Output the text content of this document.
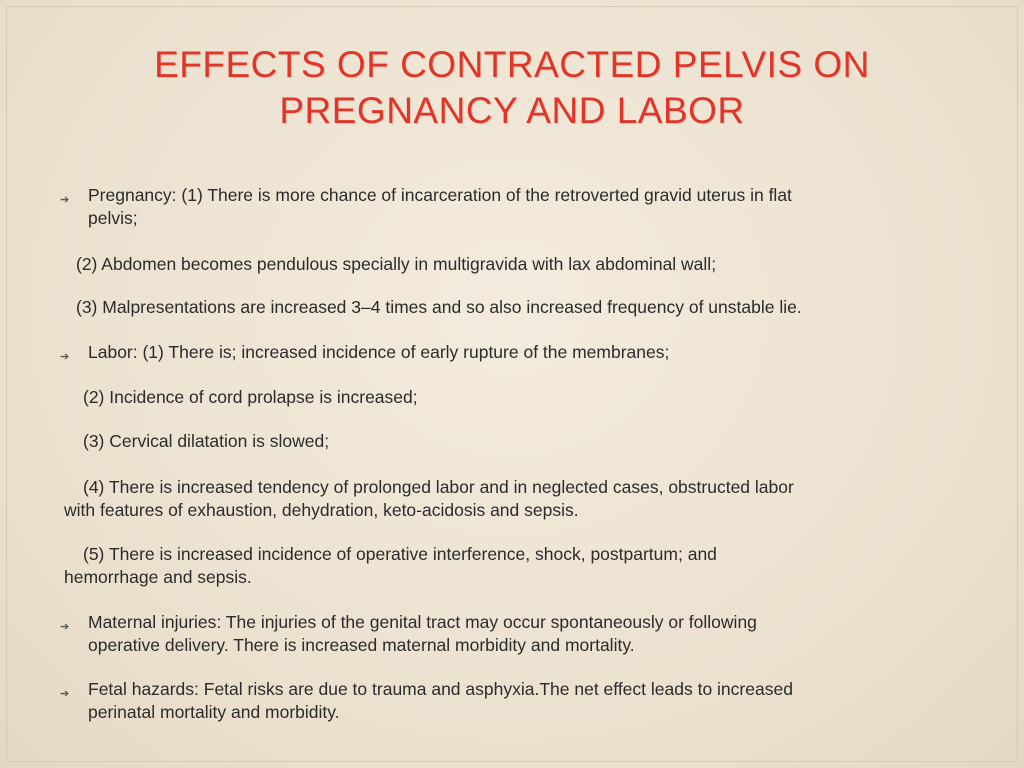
EFFECTS OF CONTRACTED PELVIS ON
PREGNANCY AND LABOR
➔ Pregnancy: (1) There is more chance of incarceration of the retroverted gravid uterus in flat
pelvis;
(2) Abdomen becomes pendulous specially in multigravida with lax abdominal wall;
(3) Malpresentations are increased 3–4 times and so also increased frequency of unstable lie.
➔ Labor: (1) There is; increased incidence of early rupture of the membranes;
(2) Incidence of cord prolapse is increased;
(3) Cervical dilatation is slowed;
(4) There is increased tendency of prolonged labor and in neglected cases, obstructed labor
with features of exhaustion, dehydration, keto-acidosis and sepsis.
(5) There is increased incidence of operative interference, shock, postpartum; and
hemorrhage and sepsis.
➔ Maternal injuries: The injuries of the genital tract may occur spontaneously or following
operative delivery. There is increased maternal morbidity and mortality.
➔ Fetal hazards: Fetal risks are due to trauma and asphyxia.The net effect leads to increased
perinatal mortality and morbidity.
